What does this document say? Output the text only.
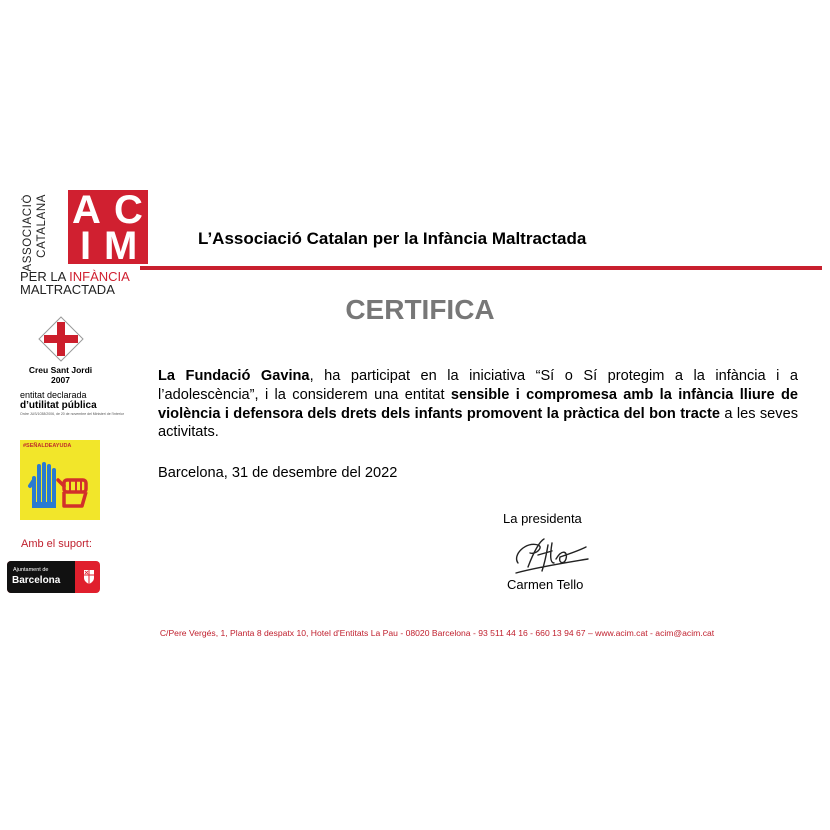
ASSOCIACIÓ CATALANA A C
I M
PER LA INFÀNCIA
MALTRACTADA
L’Associació Catalan per la Infància Maltractada
CERTIFICA
La Fundació Gavina, ha participat en la iniciativa “Sí o Sí protegim a la infància i a l’adolescència”, i la considerem una entitat sensible i compromesa amb la infància lliure de violència i defensora dels drets dels infants promovent la pràctica del bon tracte a les seves activitats.
Barcelona, 31 de desembre del 2022
La presidenta
Carmen Tello
Creu Sant Jordi
2007
entitat declarada
d’utilitat pública
Ordre JUS/1038/2006, de 20 de novembre del Ministeri de l'Interior
#SEÑALDEAYUDA
Amb el suport:
Ajuntament de
Barcelona
C/Pere Vergés, 1, Planta 8 despatx 10, Hotel d'Entitats La Pau - 08020 Barcelona - 93 511 44 16 - 660 13 94 67 – www.acim.cat - acim@acim.cat
